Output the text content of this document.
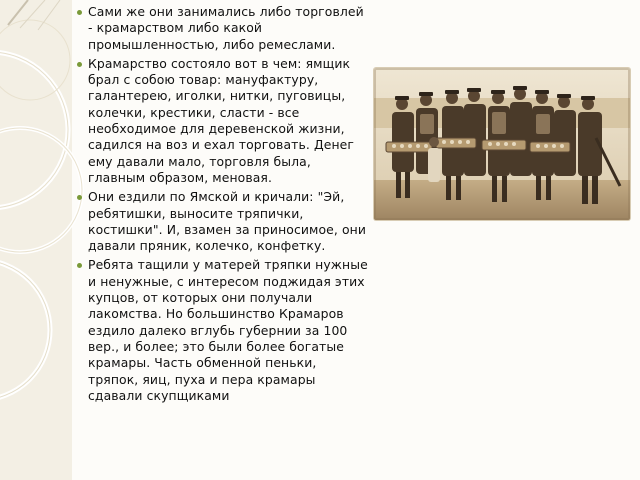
Сами же они занимались либо торговлей - крамарством либо какой промышленностью, либо ремеслами.
Крамарство состояло вот в чем: ямщик брал с собою товар: мануфактуру, галантерею, иголки, нитки, пуговицы, колечки, крестики, сласти - все необходимое для деревенской жизни, садился на воз и ехал торговать. Денег ему давали мало, торговля была, главным образом, меновая.
Они ездили по Ямской и кричали: "Эй, ребятишки, выносите тряпички, костишки". И, взамен за приносимое, они давали пряник, колечко, конфетку.
Ребята тащили у матерей тряпки нужные и ненужные, с интересом поджидая этих купцов, от которых они получали лакомства. Но большинство Крамаров ездило далеко вглубь губернии за 100 вер., и более; это были более богатые крамары. Часть обменной пеньки, тряпок, яиц, пуха и пера крамары сдавали скупщиками
